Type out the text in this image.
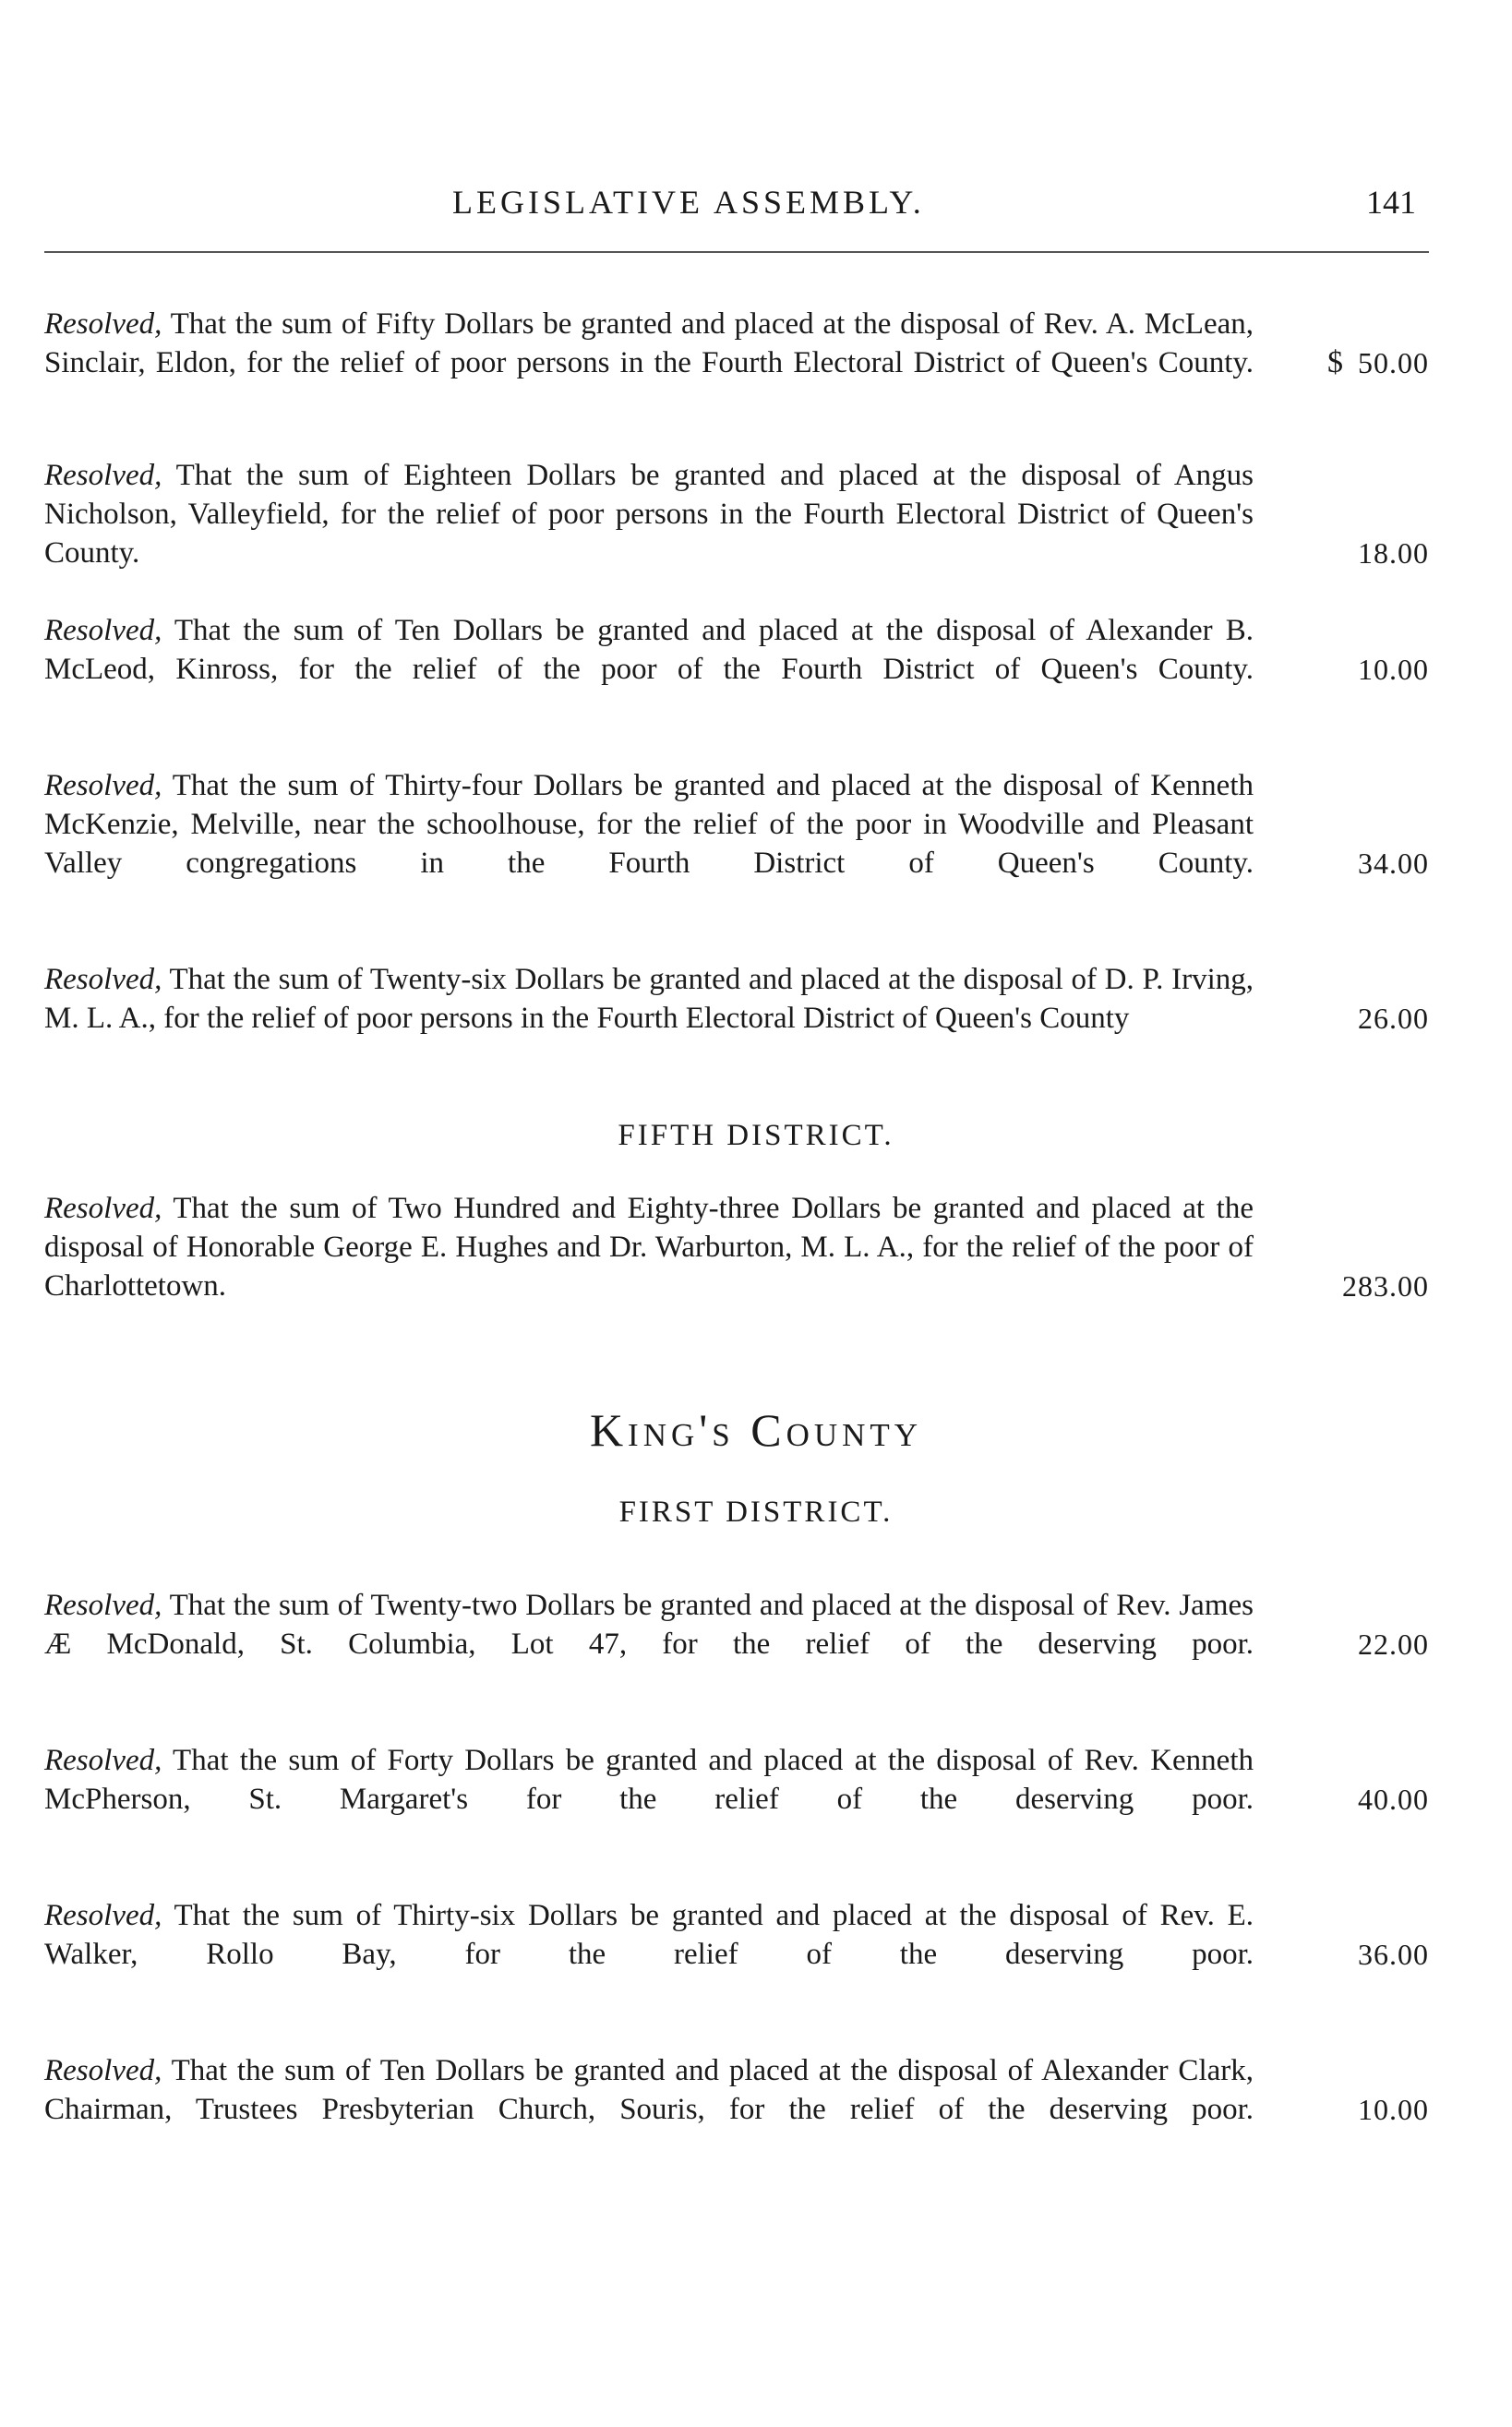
LEGISLATIVE ASSEMBLY.	141
Resolved, That the sum of Fifty Dollars be granted and placed at the disposal of Rev. A. McLean, Sinclair, Eldon, for the relief of poor persons in the Fourth Electoral District of Queen's County. $ 50.00
Resolved, That the sum of Eighteen Dollars be granted and placed at the disposal of Angus Nicholson, Valleyfield, for the relief of poor persons in the Fourth Electoral District of Queen's County.	18.00
Resolved, That the sum of Ten Dollars be granted and placed at the disposal of Alexander B. McLeod, Kinross, for the relief of the poor of the Fourth District of Queen's County.	10.00
Resolved, That the sum of Thirty-four Dollars be granted and placed at the disposal of Kenneth McKenzie, Melville, near the schoolhouse, for the relief of the poor in Woodville and Pleasant Valley congregations in the Fourth District of Queen's County.	34.00
Resolved, That the sum of Twenty-six Dollars be granted and placed at the disposal of D. P. Irving, M. L. A., for the relief of poor persons in the Fourth Electoral District of Queen's County	26.00
FIFTH DISTRICT.
Resolved, That the sum of Two Hundred and Eighty-three Dollars be granted and placed at the disposal of Honorable George E. Hughes and Dr. Warburton, M. L. A., for the relief of the poor of Charlottetown.	283.00
King's County
FIRST DISTRICT.
Resolved, That the sum of Twenty-two Dollars be granted and placed at the disposal of Rev. James Æ McDonald, St. Columbia, Lot 47, for the relief of the deserving poor.	22.00
Resolved, That the sum of Forty Dollars be granted and placed at the disposal of Rev. Kenneth McPherson, St. Margaret's for the relief of the deserving poor.	40.00
Resolved, That the sum of Thirty-six Dollars be granted and placed at the disposal of Rev. E. Walker, Rollo Bay, for the relief of the deserving poor.	36.00
Resolved, That the sum of Ten Dollars be granted and placed at the disposal of Alexander Clark, Chairman, Trustees Presbyterian Church, Souris, for the relief of the deserving poor.	10.00
